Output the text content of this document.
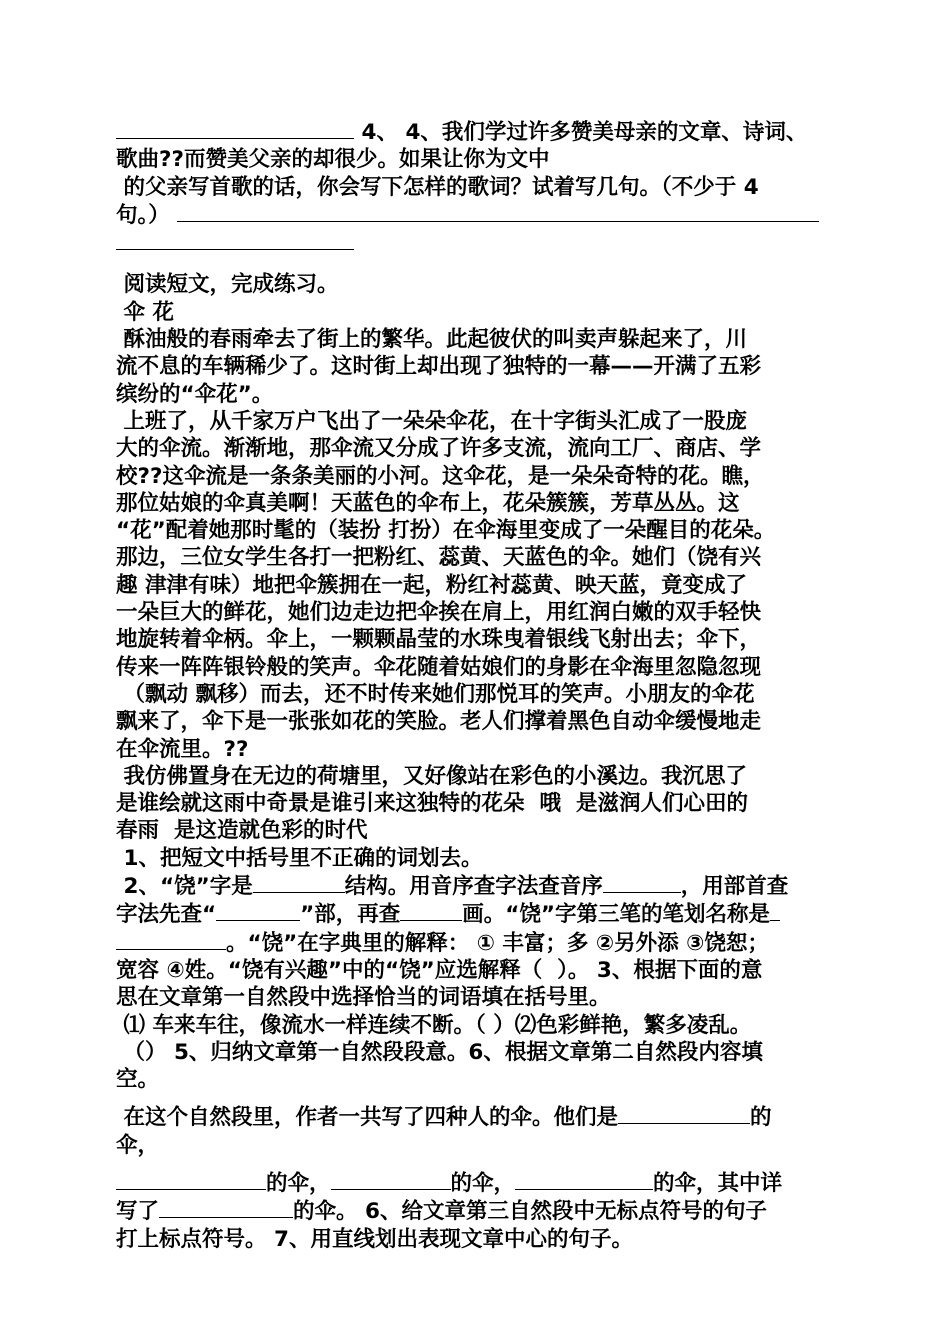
4、 4、我们学过许多赞美母亲的文章、诗词、
歌曲??而赞美父亲的却很少。如果让你为文中
的父亲写首歌的话，你会写下怎样的歌词？试着写几句。（不少于 4
句。）
阅读短文，完成练习。
伞 花
酥油般的春雨牵去了街上的繁华。此起彼伏的叫卖声躲起来了，川
流不息的车辆稀少了。这时街上却出现了独特的一幕——开满了五彩
缤纷的“伞花”。
上班了，从千家万户飞出了一朵朵伞花，在十字街头汇成了一股庞
大的伞流。渐渐地，那伞流又分成了许多支流，流向工厂、商店、学
校??这伞流是一条条美丽的小河。这伞花，是一朵朵奇特的花。瞧，
那位姑娘的伞真美啊！天蓝色的伞布上，花朵簇簇，芳草丛丛。这
“花”配着她那时髦的（装扮 打扮）在伞海里变成了一朵醒目的花朵。
那边，三位女学生各打一把粉红、蕊黄、天蓝色的伞。她们（饶有兴
趣 津津有味）地把伞簇拥在一起，粉红衬蕊黄、映天蓝，竟变成了
一朵巨大的鲜花，她们边走边把伞挨在肩上，用红润白嫩的双手轻快
地旋转着伞柄。伞上，一颗颗晶莹的水珠曳着银线飞射出去；伞下，
传来一阵阵银铃般的笑声。伞花随着姑娘们的身影在伞海里忽隐忽现
（飘动 飘移）而去，还不时传来她们那悦耳的笑声。小朋友的伞花
飘来了，伞下是一张张如花的笑脸。老人们撑着黑色自动伞缓慢地走
在伞流里。??
我仿佛置身在无边的荷塘里，又好像站在彩色的小溪边。我沉思了
是谁绘就这雨中奇景是谁引来这独特的花朵  哦  是滋润人们心田的
春雨  是这造就色彩的时代
1、把短文中括号里不正确的词划去。
2、“饶”字是	结构。用音序查字法查音序	，用部首查
字法先查“	”部，再查	画。“饶”字第三笔的笔划名称是
。“饶”在字典里的解释： ① 丰富；多 ②另外添 ③饶恕；
宽容 ④姓。“饶有兴趣”中的“饶”应选解释（  ）。 3、根据下面的意
思在文章第一自然段中选择恰当的词语填在括号里。
⑴ 车来车往，像流水一样连续不断。（ ）⑵色彩鲜艳，繁多凌乱。
（） 5、归纳文章第一自然段段意。6、根据文章第二自然段内容填
空。
在这个自然段里，作者一共写了四种人的伞。他们是	的
伞，
的伞，	的伞，	的伞，其中详
写了	的伞。 6、给文章第三自然段中无标点符号的句子
打上标点符号。 7、用直线划出表现文章中心的句子。
